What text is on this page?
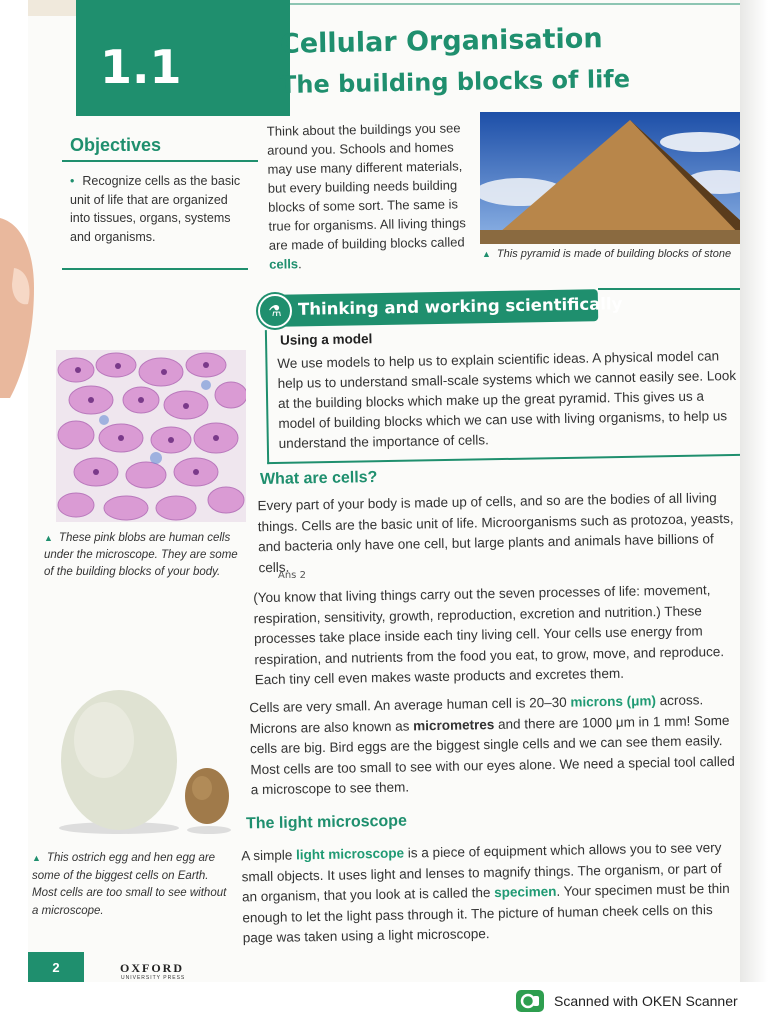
1.1	Cellular Organisation
The building blocks of life
Objectives
• Recognize cells as the basic unit of life that are organized into tissues, organs, systems and organisms.
Think about the buildings you see around you. Schools and homes may use many different materials, but every building needs building blocks of some sort. The same is true for organisms. All living things are made of building blocks called cells.
▲ This pyramid is made of building blocks of stone
⚗ Thinking and working scientifically
Using a model
We use models to help us to explain scientific ideas. A physical model can help us to understand small-scale systems which we cannot easily see. Look at the building blocks which make up the great pyramid. This gives us a model of building blocks which we can use with living organisms, to help us understand the importance of cells.
▲ These pink blobs are human cells under the microscope. They are some of the building blocks of your body.
What are cells?
Every part of your body is made up of cells, and so are the bodies of all living things. Cells are the basic unit of life. Microorganisms such as protozoa, yeasts, and bacteria only have one cell, but large plants and animals have billions of cells.
Ans 2
(You know that living things carry out the seven processes of life: movement, respiration, sensitivity, growth, reproduction, excretion and nutrition.) These processes take place inside each tiny living cell. Your cells use energy from respiration, and nutrients from the food you eat, to grow, move, and reproduce. Each tiny cell even makes waste products and excretes them.
Cells are very small. An average human cell is 20–30 microns (μm) across. Microns are also known as micrometres and there are 1000 μm in 1 mm! Some cells are big. Bird eggs are the biggest single cells and we can see them easily. Most cells are too small to see with our eyes alone. We need a special tool called a microscope to see them.
▲ This ostrich egg and hen egg are some of the biggest cells on Earth. Most cells are too small to see without a microscope.
The light microscope
A simple light microscope is a piece of equipment which allows you to see very small objects. It uses light and lenses to magnify things. The organism, or part of an organism, that you look at is called the specimen. Your specimen must be thin enough to let the light pass through it. The picture of human cheek cells on this page was taken using a light microscope.
2	OXFORD
UNIVERSITY PRESS
Scanned with OKEN Scanner
